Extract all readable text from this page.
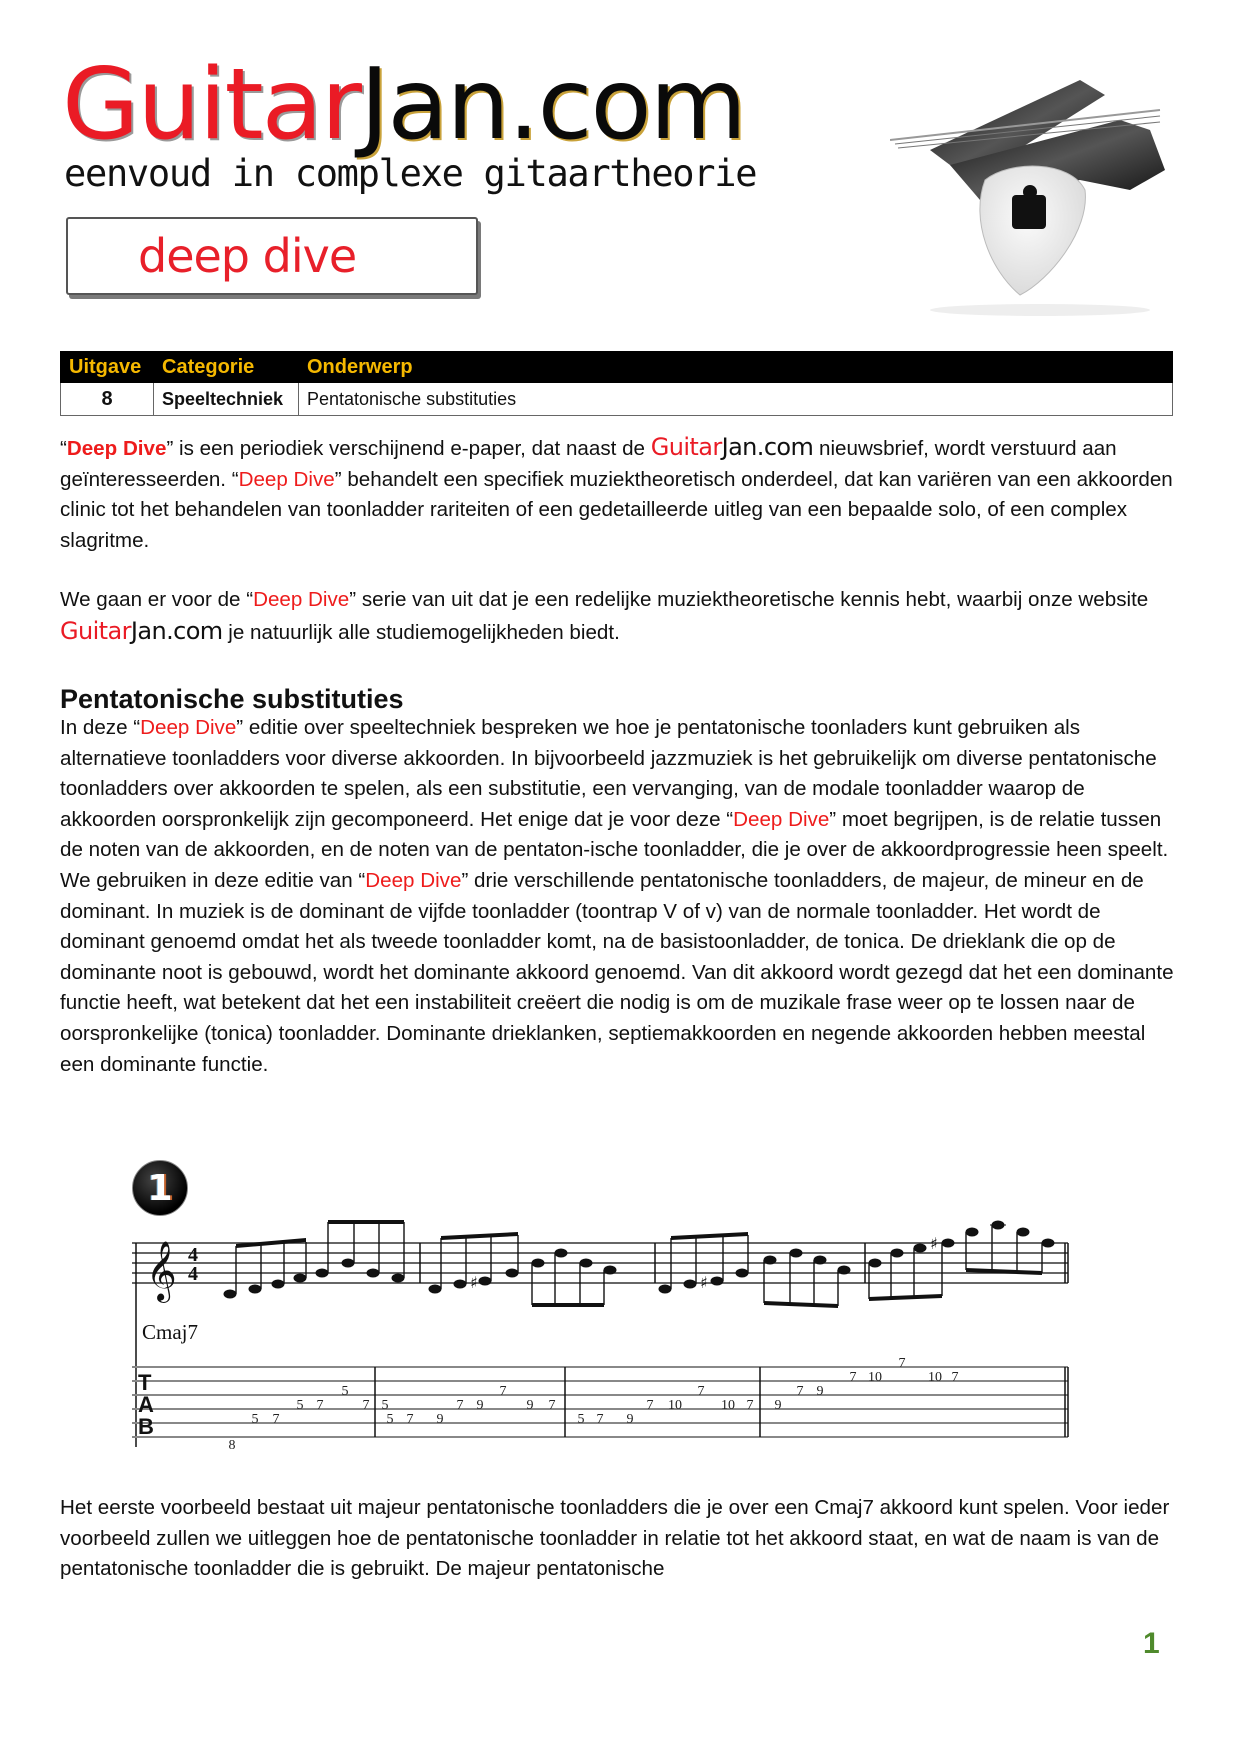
GuitarJan.com
eenvoud in complexe gitaartheorie
deep dive
Uitgave	Categorie	Onderwerp
8	Speeltechniek	Pentatonische substituties

“Deep Dive” is een periodiek verschijnend e-paper, dat naast de GuitarJan.com nieuwsbrief, wordt verstuurd aan geïnteresseerden. “Deep Dive” behandelt een specifiek muziektheoretisch onderdeel, dat kan variëren van een akkoorden clinic tot het behandelen van toonladder rariteiten of een gedetailleerde uitleg van een bepaalde solo, of een complex slagritme.

We gaan er voor de “Deep Dive” serie van uit dat je een redelijke muziektheoretische kennis hebt, waarbij onze website GuitarJan.com je natuurlijk alle studiemogelijkheden biedt.

Pentatonische substituties

In deze “Deep Dive” editie over speeltechniek bespreken we hoe je pentatonische toonladers kunt gebruiken als alternatieve toonladders voor diverse akkoorden. In bijvoorbeeld jazzmuziek is het gebruikelijk om diverse pentatonische toonladders over akkoorden te spelen, als een substitutie, een vervanging, van de modale toonladder waarop de akkoorden oorspronkelijk zijn gecomponeerd. Het enige dat je voor deze “Deep Dive” moet begrijpen, is de relatie tussen de noten van de akkoorden, en de noten van de pentaton-ische toonladder, die je over de akkoordprogressie heen speelt. We gebruiken in deze editie van “Deep Dive” drie verschillende pentatonische toonladders, de majeur, de mineur en de dominant. In muziek is de dominant de vijfde toonladder (toontrap V of v) van de normale toonladder. Het wordt de dominant genoemd omdat het als tweede toonladder komt, na de basistoonladder, de tonica. De drieklank die op de dominante noot is gebouwd, wordt het dominante akkoord genoemd. Van dit akkoord wordt gezegd dat het een dominante functie heeft, wat betekent dat het een instabiliteit creëert die nodig is om de muzikale frase weer op te lossen naar de oorspronkelijke (tonica) toonladder. Dominante drieklanken, septiemakkoorden en negende akkoorden hebben meestal een dominante functie.

1
𝄞 4
4	♯	♯
♯
T
A
B
8
5 7
5 7
5
7 5
5 7 9
7 9
7
9 7
5 7 9
7 10
7
10 7 9
7 9
7 10
7
10 7
Cmaj7

Het eerste voorbeeld bestaat uit majeur pentatonische toonladders die je over een Cmaj7 akkoord kunt spelen. Voor ieder voorbeeld zullen we uitleggen hoe de pentatonische toonladder in relatie tot het akkoord staat, en wat de naam is van de pentatonische toonladder die is gebruikt. De majeur pentatonische

1
